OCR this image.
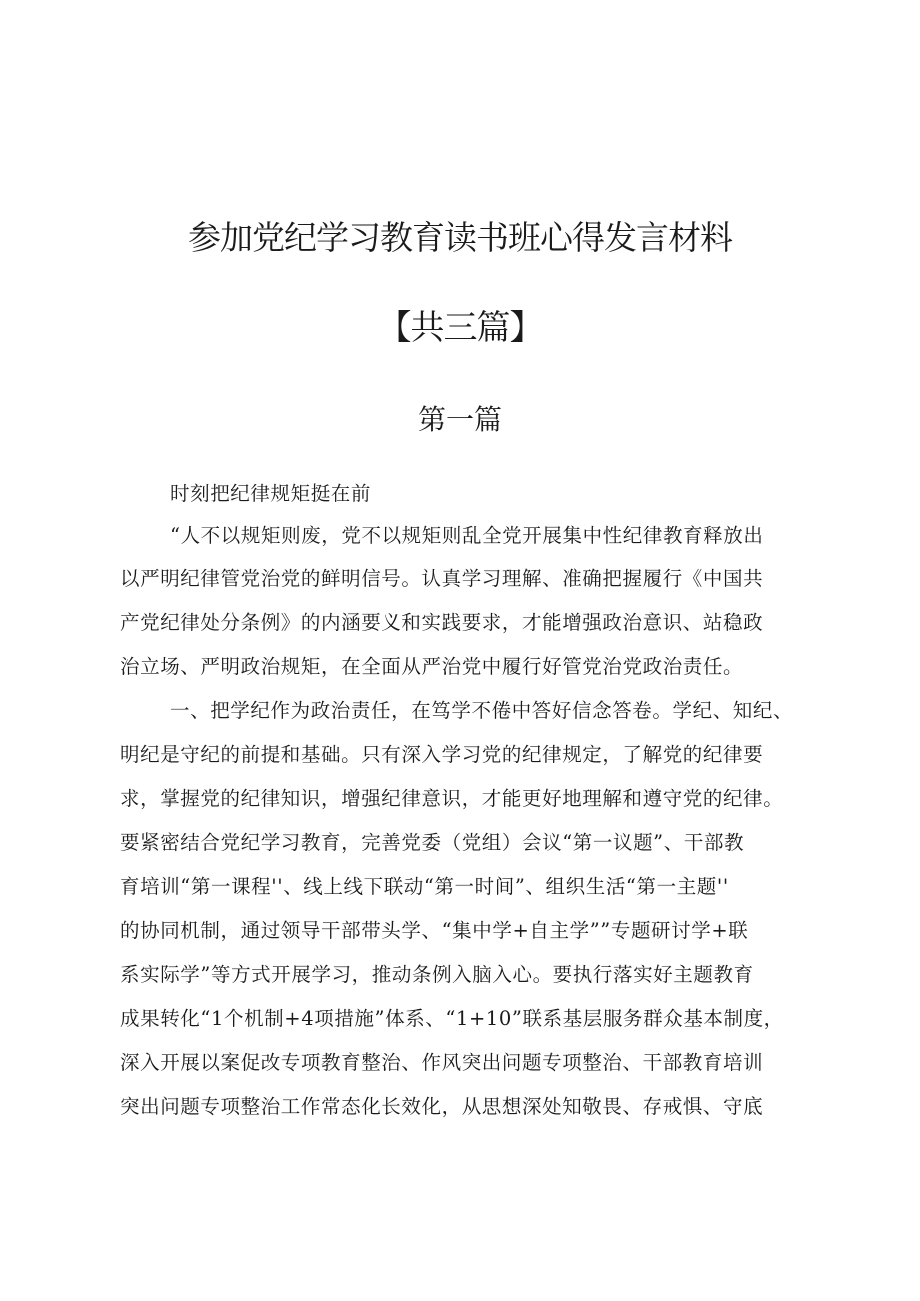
参加党纪学习教育读书班心得发言材料
【共三篇】
第一篇
时刻把纪律规矩挺在前
“人不以规矩则废，党不以规矩则乱全党开展集中性纪律教育释放出
以严明纪律管党治党的鲜明信号。认真学习理解、准确把握履行《中国共
产党纪律处分条例》的内涵要义和实践要求，才能增强政治意识、站稳政
治立场、严明政治规矩，在全面从严治党中履行好管党治党政治责任。
一、把学纪作为政治责任，在笃学不倦中答好信念答卷。学纪、知纪、
明纪是守纪的前提和基础。只有深入学习党的纪律规定，了解党的纪律要
求，掌握党的纪律知识，增强纪律意识，才能更好地理解和遵守党的纪律。
要紧密结合党纪学习教育，完善党委（党组）会议“第一议题”、干部教
育培训“第一课程''、线上线下联动“第一时间”、组织生活“第一主题''
的协同机制，通过领导干部带头学、“集中学+自主学””专题研讨学+联
系实际学”等方式开展学习，推动条例入脑入心。要执行落实好主题教育
成果转化“1个机制+4项措施”体系、“1+10”联系基层服务群众基本制度，
深入开展以案促改专项教育整治、作风突出问题专项整治、干部教育培训
突出问题专项整治工作常态化长效化，从思想深处知敬畏、存戒惧、守底
